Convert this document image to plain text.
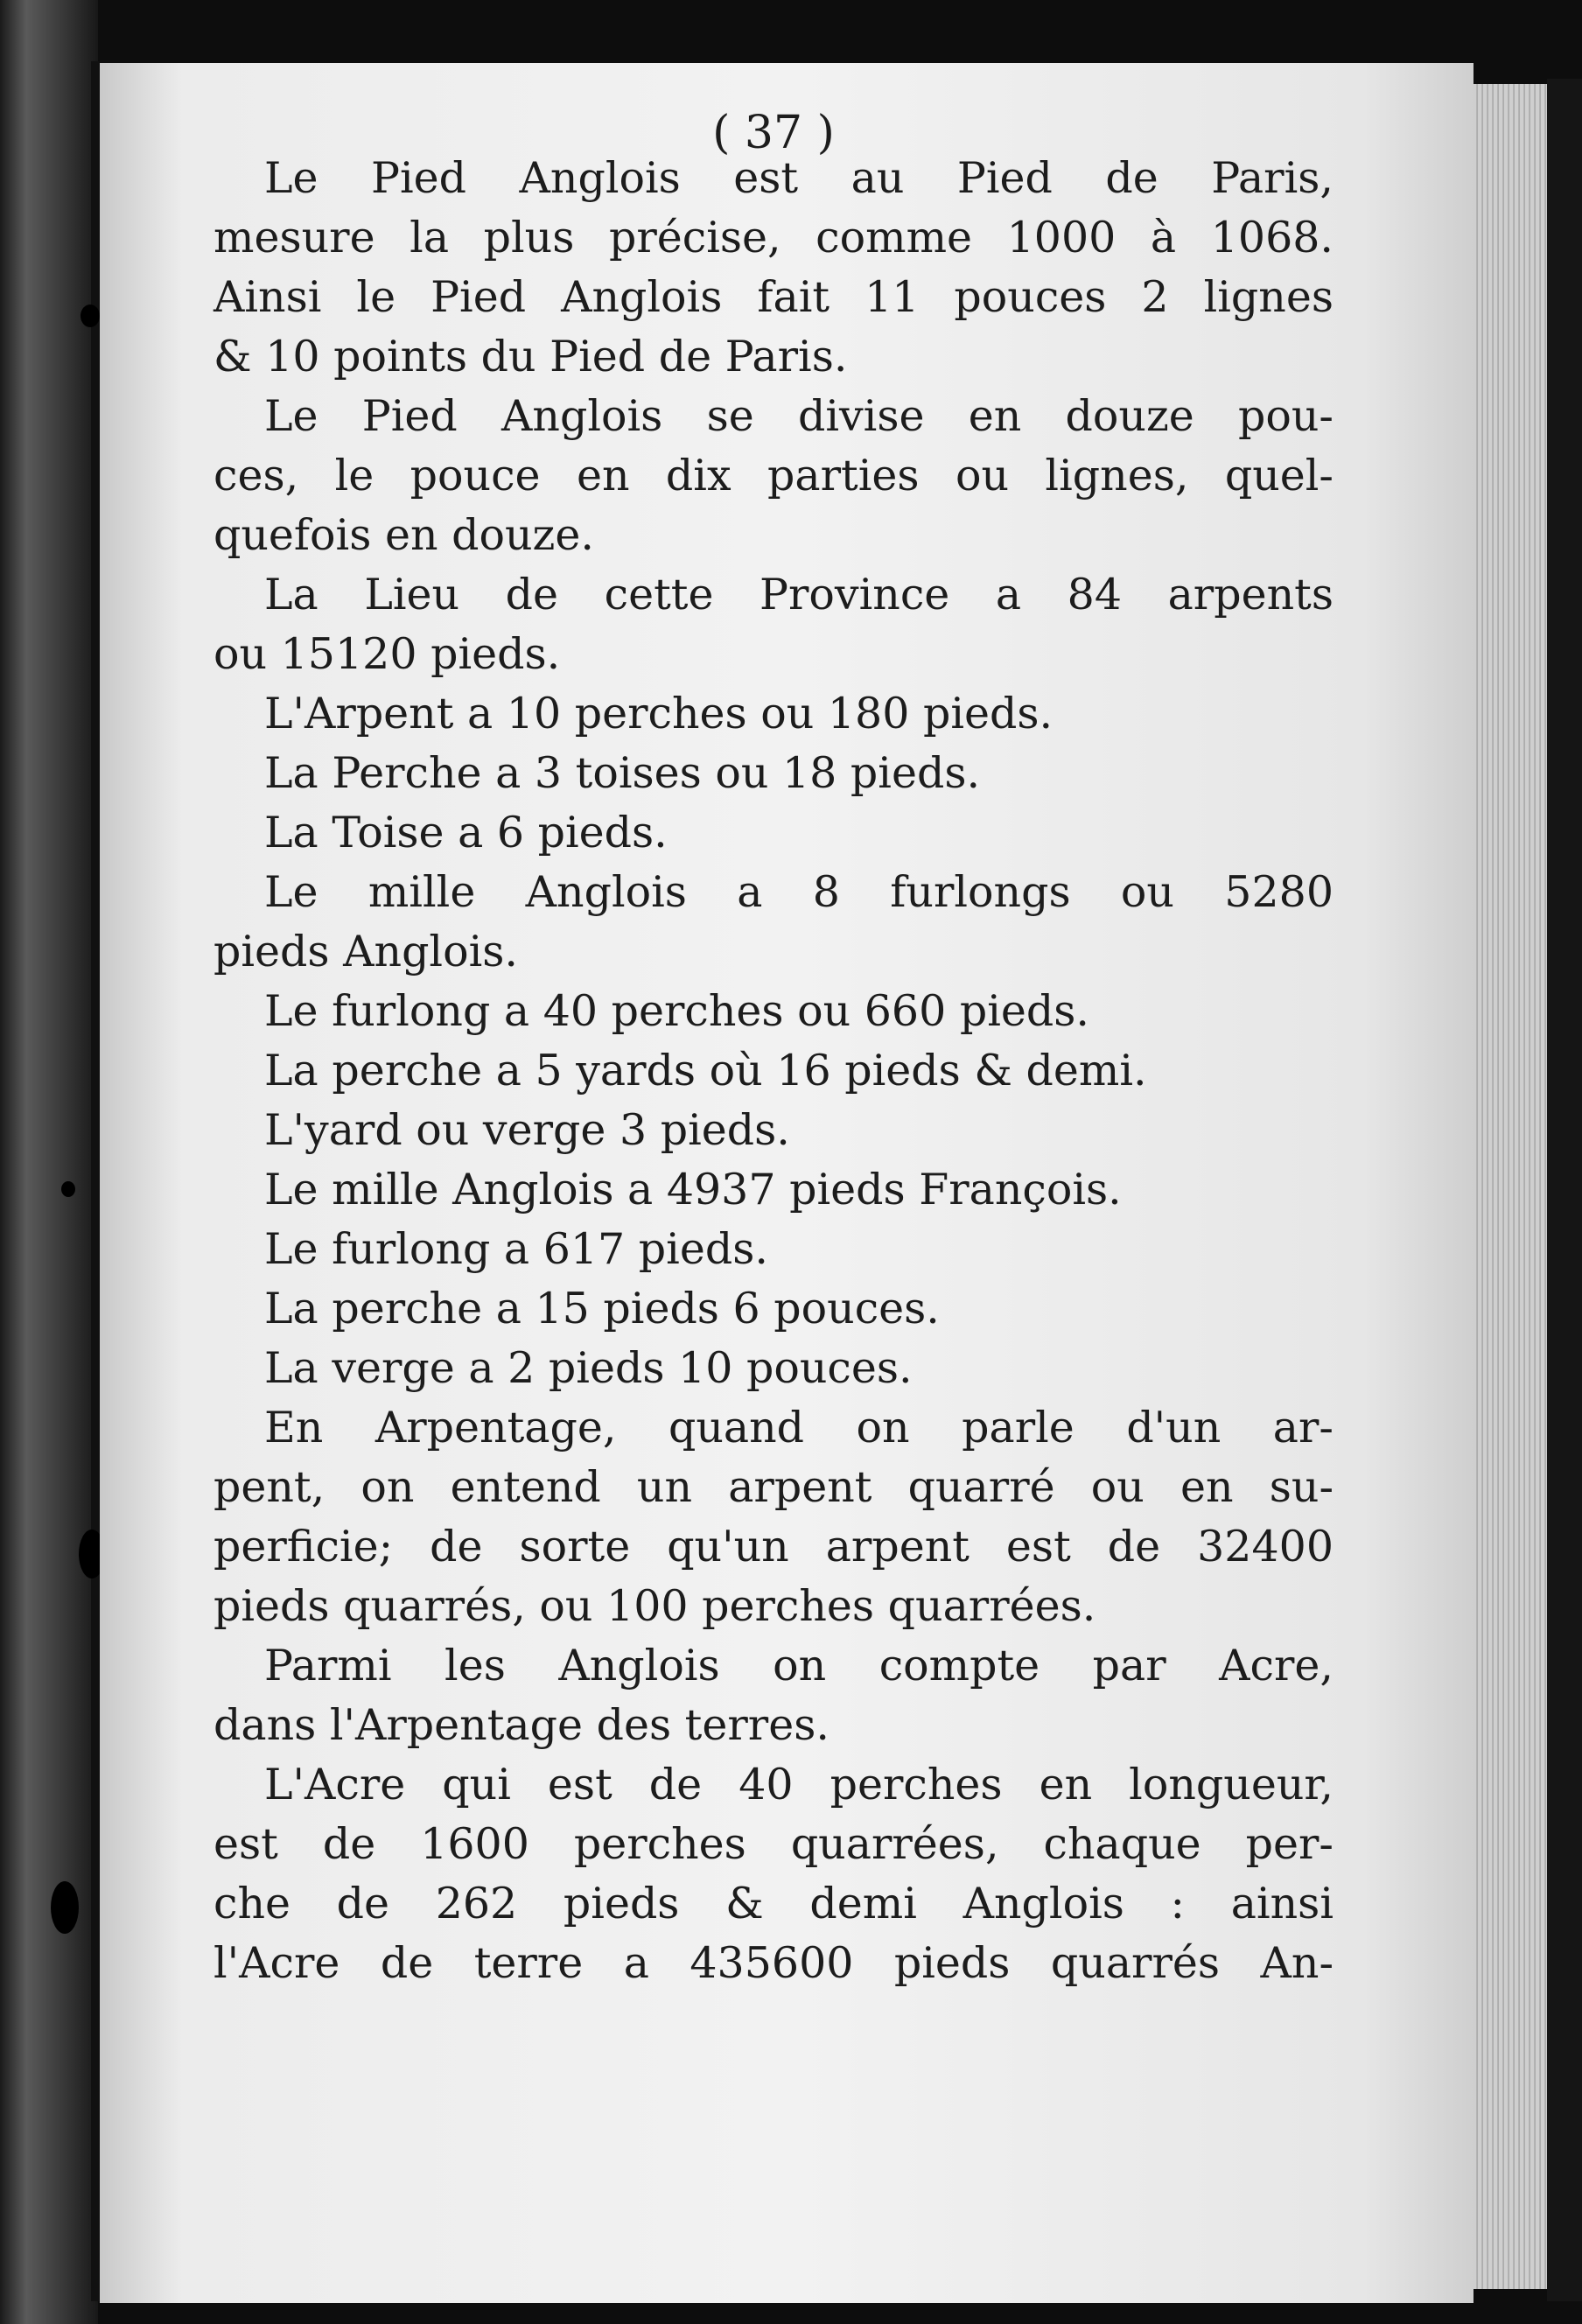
( 37 )
Le Pied Anglois est au Pied de Paris,
mesure la plus précise, comme 1000 à 1068.
Ainsi le Pied Anglois fait 11 pouces 2 lignes
& 10 points du Pied de Paris.
Le Pied Anglois se divise en douze pou-
ces, le pouce en dix parties ou lignes, quel-
quefois en douze.
La Lieu de cette Province a 84 arpents
ou 15120 pieds.
L'Arpent a 10 perches ou 180 pieds.
La Perche a 3 toises ou 18 pieds.
La Toise a 6 pieds.
Le mille Anglois a 8 furlongs ou 5280
pieds Anglois.
Le furlong a 40 perches ou 660 pieds.
La perche a 5 yards où 16 pieds & demi.
L'yard ou verge 3 pieds.
Le mille Anglois a 4937 pieds François.
Le furlong a 617 pieds.
La perche a 15 pieds 6 pouces.
La verge a 2 pieds 10 pouces.
En Arpentage, quand on parle d'un ar-
pent, on entend un arpent quarré ou en su-
perficie; de sorte qu'un arpent est de 32400
pieds quarrés, ou 100 perches quarrées.
Parmi les Anglois on compte par Acre,
dans l'Arpentage des terres.
L'Acre qui est de 40 perches en longueur,
est de 1600 perches quarrées, chaque per-
che de 262 pieds & demi Anglois : ainsi
l'Acre de terre a 435600 pieds quarrés An-
